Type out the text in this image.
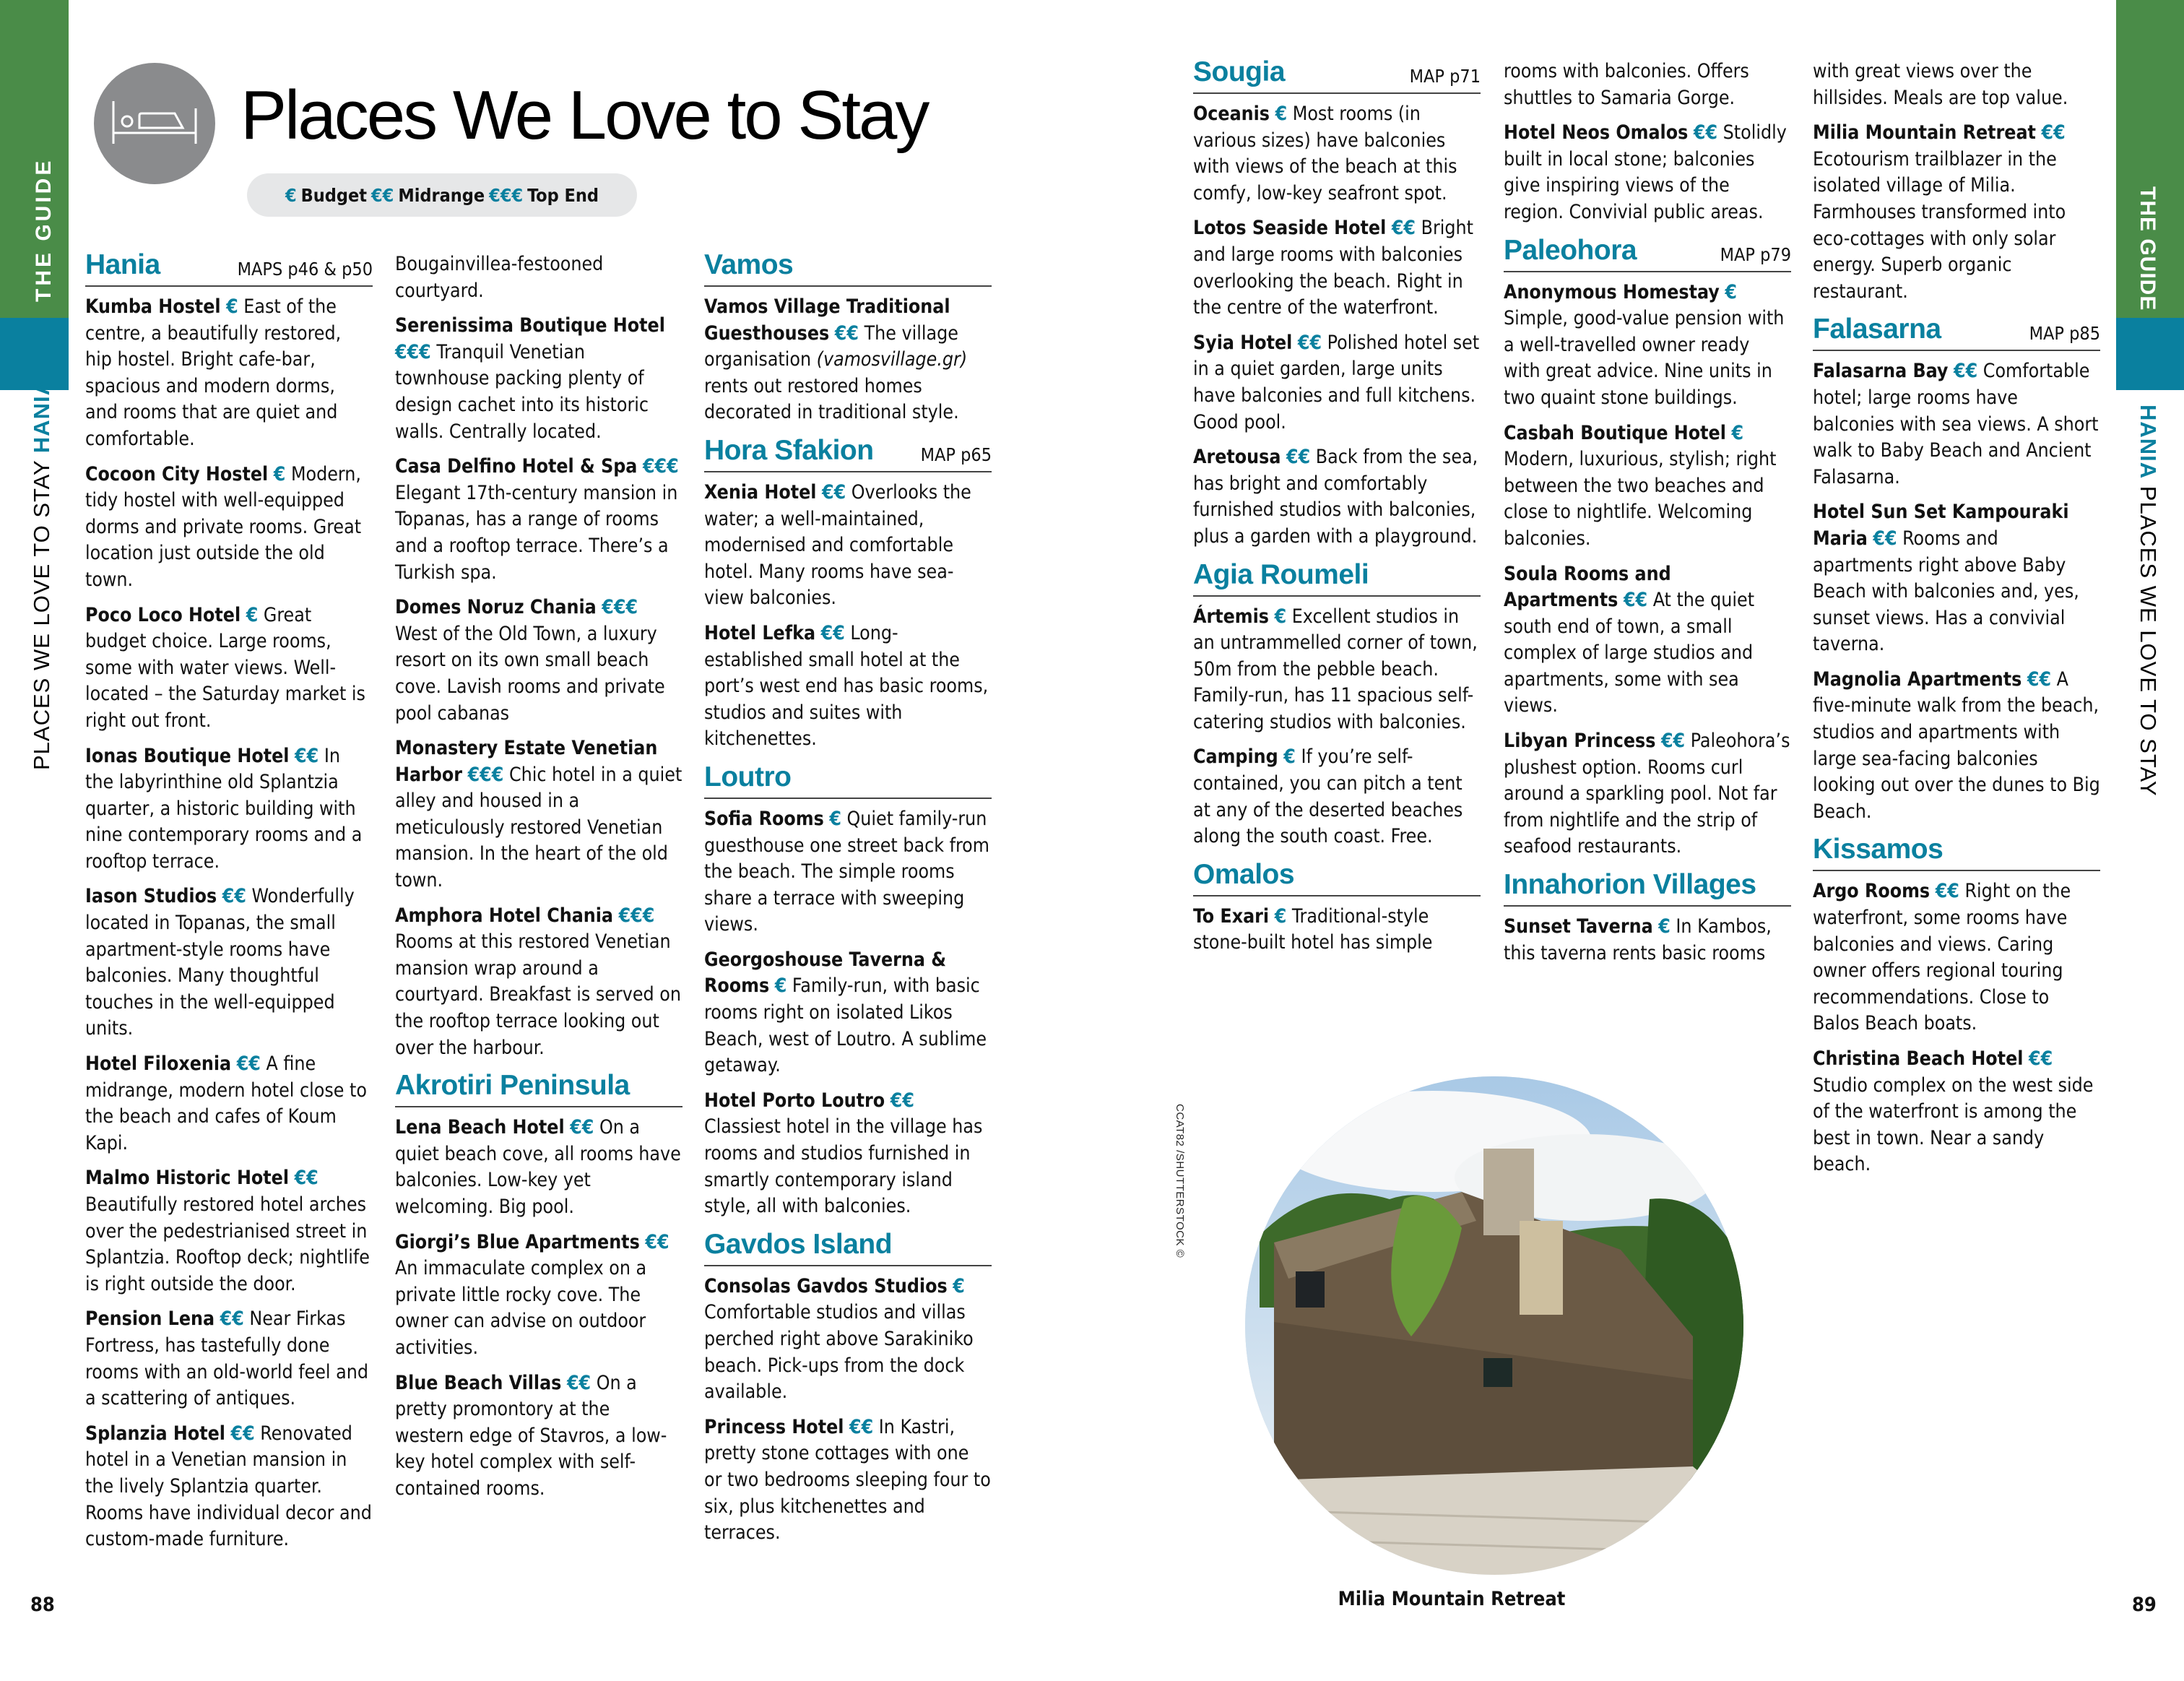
THE GUIDE
PLACES WE LOVE TO STAY HANIA
THE GUIDE
HANIA PLACES WE LOVE TO STAY
Places We Love to Stay
€ Budget €€ Midrange €€€ Top End
Hania	MAPS p46 & p50
Kumba Hostel € East of the centre, a beautifully restored, hip hostel. Bright cafe-bar, spacious and modern dorms, and rooms that are quiet and comfortable.
Cocoon City Hostel € Modern, tidy hostel with well-equipped dorms and private rooms. Great location just outside the old town.
Poco Loco Hotel € Great budget choice. Large rooms, some with water views. Well-located – the Saturday market is right out front.
Ionas Boutique Hotel €€ In the labyrinthine old Splantzia quarter, a historic building with nine contemporary rooms and a rooftop terrace.
Iason Studios €€ Wonderfully located in Topanas, the small apartment-style rooms have balconies. Many thoughtful touches in the well-equipped units.
Hotel Filoxenia €€ A fine midrange, modern hotel close to the beach and cafes of Koum Kapi.
Malmo Historic Hotel €€ Beautifully restored hotel arches over the pedestrianised street in Splantzia. Rooftop deck; nightlife is right outside the door.
Pension Lena €€ Near Firkas Fortress, has tastefully done rooms with an old-world feel and a scattering of antiques.
Splanzia Hotel €€ Renovated hotel in a Venetian mansion in the lively Splantzia quarter. Rooms have individual decor and custom-made furniture.
Bougainvillea-festooned courtyard.
Serenissima Boutique Hotel €€€ Tranquil Venetian townhouse packing plenty of design cachet into its historic walls. Centrally located.
Casa Delfino Hotel & Spa €€€ Elegant 17th-century mansion in Topanas, has a range of rooms and a rooftop terrace. There’s a Turkish spa.
Domes Noruz Chania €€€ West of the Old Town, a luxury resort on its own small beach cove. Lavish rooms and private pool cabanas
Monastery Estate Venetian Harbor €€€ Chic hotel in a quiet alley and housed in a meticulously restored Venetian mansion. In the heart of the old town.
Amphora Hotel Chania €€€ Rooms at this restored Venetian mansion wrap around a courtyard. Breakfast is served on the rooftop terrace looking out over the harbour.
Akrotiri Peninsula
Lena Beach Hotel €€ On a quiet beach cove, all rooms have balconies. Low-key yet welcoming. Big pool.
Giorgi’s Blue Apartments €€ An immaculate complex on a private little rocky cove. The owner can advise on outdoor activities.
Blue Beach Villas €€ On a pretty promontory at the western edge of Stavros, a low-key hotel complex with self-contained rooms.
Vamos
Vamos Village Traditional Guesthouses €€ The village organisation (vamosvillage.gr) rents out restored homes decorated in traditional style.
Hora Sfakion	MAP p65
Xenia Hotel €€ Overlooks the water; a well-maintained, modernised and comfortable hotel. Many rooms have sea-view balconies.
Hotel Lefka €€ Long-established small hotel at the port’s west end has basic rooms, studios and suites with kitchenettes.
Loutro
Sofia Rooms € Quiet family-run guesthouse one street back from the beach. The simple rooms share a terrace with sweeping views.
Georgoshouse Taverna & Rooms € Family-run, with basic rooms right on isolated Likos Beach, west of Loutro. A sublime getaway.
Hotel Porto Loutro €€ Classiest hotel in the village has rooms and studios furnished in smartly contemporary island style, all with balconies.
Gavdos Island
Consolas Gavdos Studios € Comfortable studios and villas perched right above Sarakiniko beach. Pick-ups from the dock available.
Princess Hotel €€ In Kastri, pretty stone cottages with one or two bedrooms sleeping four to six, plus kitchenettes and terraces.
Sougia	MAP p71
Oceanis € Most rooms (in various sizes) have balconies with views of the beach at this comfy, low-key seafront spot.
Lotos Seaside Hotel €€ Bright and large rooms with balconies overlooking the beach. Right in the centre of the waterfront.
Syia Hotel €€ Polished hotel set in a quiet garden, large units have balconies and full kitchens. Good pool.
Aretousa €€ Back from the sea, has bright and comfortably furnished studios with balconies, plus a garden with a playground.
Agia Roumeli
Ártemis € Excellent studios in an untrammelled corner of town, 50m from the pebble beach. Family-run, has 11 spacious self-catering studios with balconies.
Camping € If you’re self-contained, you can pitch a tent at any of the deserted beaches along the south coast. Free.
Omalos
To Exari € Traditional-style stone-built hotel has simple
rooms with balconies. Offers shuttles to Samaria Gorge.
Hotel Neos Omalos €€ Stolidly built in local stone; balconies give inspiring views of the region. Convivial public areas.
Paleohora	MAP p79
Anonymous Homestay € Simple, good-value pension with a well-travelled owner ready with great advice. Nine units in two quaint stone buildings.
Casbah Boutique Hotel € Modern, luxurious, stylish; right between the two beaches and close to nightlife. Welcoming balconies.
Soula Rooms and Apartments €€ At the quiet south end of town, a small complex of large studios and apartments, some with sea views.
Libyan Princess €€ Paleohora’s plushest option. Rooms curl around a sparkling pool. Not far from nightlife and the strip of seafood restaurants.
Innahorion Villages
Sunset Taverna € In Kambos, this taverna rents basic rooms
with great views over the hillsides. Meals are top value.
Milia Mountain Retreat €€ Ecotourism trailblazer in the isolated village of Milia. Farmhouses transformed into eco-cottages with only solar energy. Superb organic restaurant.
Falasarna	MAP p85
Falasarna Bay €€ Comfortable hotel; large rooms have balconies with sea views. A short walk to Baby Beach and Ancient Falasarna.
Hotel Sun Set Kampouraki Maria €€ Rooms and apartments right above Baby Beach with balconies and, yes, sunset views. Has a convivial taverna.
Magnolia Apartments €€ A five-minute walk from the beach, studios and apartments with large sea-facing balconies looking out over the dunes to Big Beach.
Kissamos
Argo Rooms €€ Right on the waterfront, some rooms have balconies and views. Caring owner offers regional touring recommendations. Close to Balos Beach boats.
Christina Beach Hotel €€ Studio complex on the west side of the waterfront is among the best in town. Near a sandy beach.
CCAT82 /SHUTTERSTOCK ©
Milia Mountain Retreat
88	89
